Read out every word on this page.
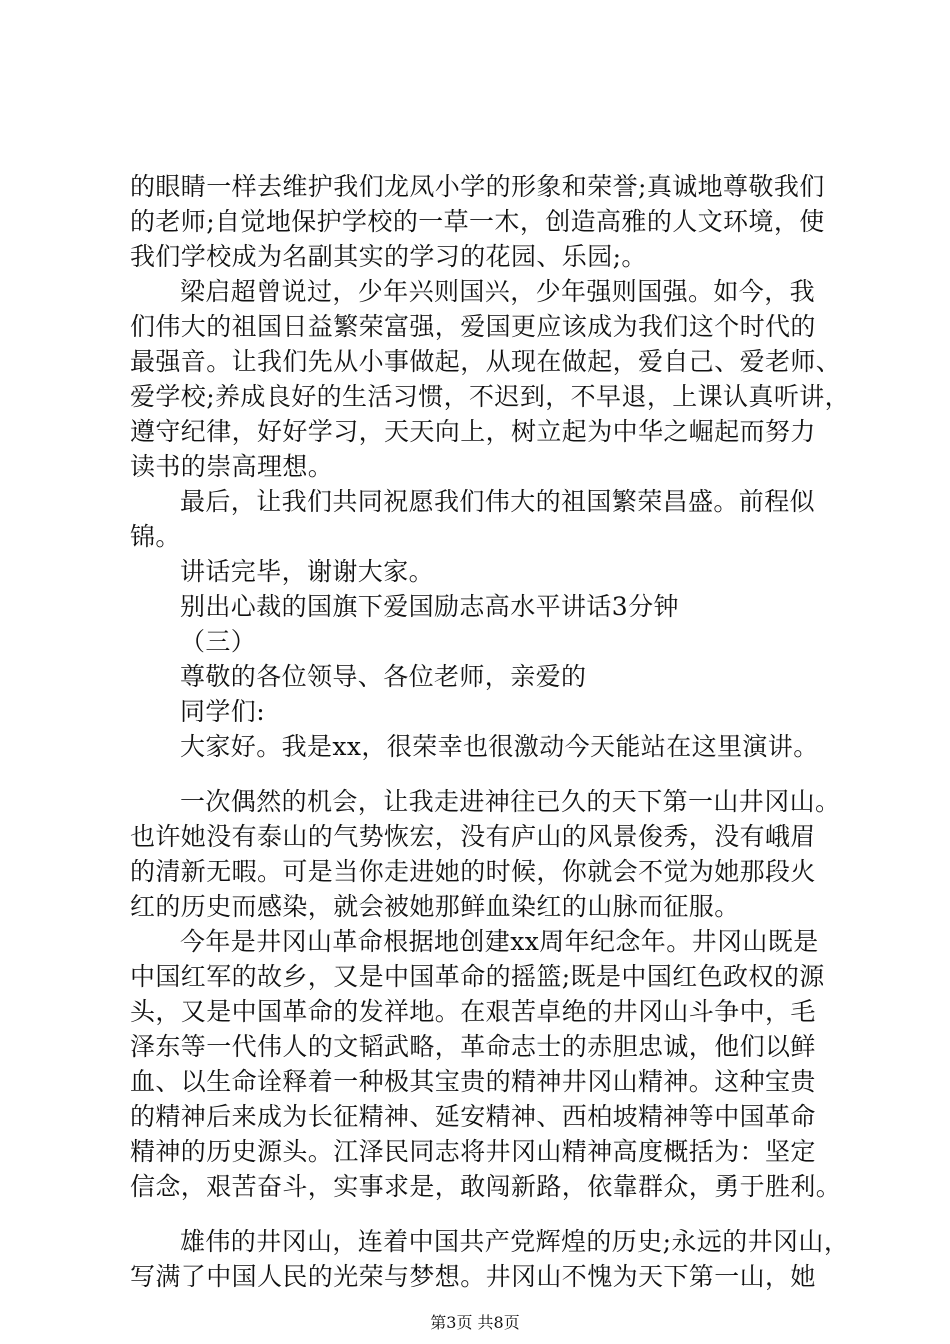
的眼睛一样去维护我们龙凤小学的形象和荣誉;真诚地尊敬我们
的老师;自觉地保护学校的一草一木，创造高雅的人文环境，使
我们学校成为名副其实的学习的花园、乐园;。
梁启超曾说过，少年兴则国兴，少年强则国强。如今，我
们伟大的祖国日益繁荣富强，爱国更应该成为我们这个时代的
最强音。让我们先从小事做起，从现在做起，爱自己、爱老师、
爱学校;养成良好的生活习惯，不迟到，不早退，上课认真听讲，
遵守纪律，好好学习，天天向上，树立起为中华之崛起而努力
读书的崇高理想。
最后，让我们共同祝愿我们伟大的祖国繁荣昌盛。前程似
锦。
讲话完毕，谢谢大家。
别出心裁的国旗下爱国励志高水平讲话3分钟
（三）
尊敬的各位领导、各位老师，亲爱的
同学们:
大家好。我是xx，很荣幸也很激动今天能站在这里演讲。
一次偶然的机会，让我走进神往已久的天下第一山井冈山。
也许她没有泰山的气势恢宏，没有庐山的风景俊秀，没有峨眉
的清新无暇。可是当你走进她的时候，你就会不觉为她那段火
红的历史而感染，就会被她那鲜血染红的山脉而征服。
今年是井冈山革命根据地创建xx周年纪念年。井冈山既是
中国红军的故乡，又是中国革命的摇篮;既是中国红色政权的源
头，又是中国革命的发祥地。在艰苦卓绝的井冈山斗争中，毛
泽东等一代伟人的文韬武略，革命志士的赤胆忠诚，他们以鲜
血、以生命诠释着一种极其宝贵的精神井冈山精神。这种宝贵
的精神后来成为长征精神、延安精神、西柏坡精神等中国革命
精神的历史源头。江泽民同志将井冈山精神高度概括为：坚定
信念，艰苦奋斗，实事求是，敢闯新路，依靠群众，勇于胜利。
雄伟的井冈山，连着中国共产党辉煌的历史;永远的井冈山，
写满了中国人民的光荣与梦想。井冈山不愧为天下第一山，她
第3页 共8页
